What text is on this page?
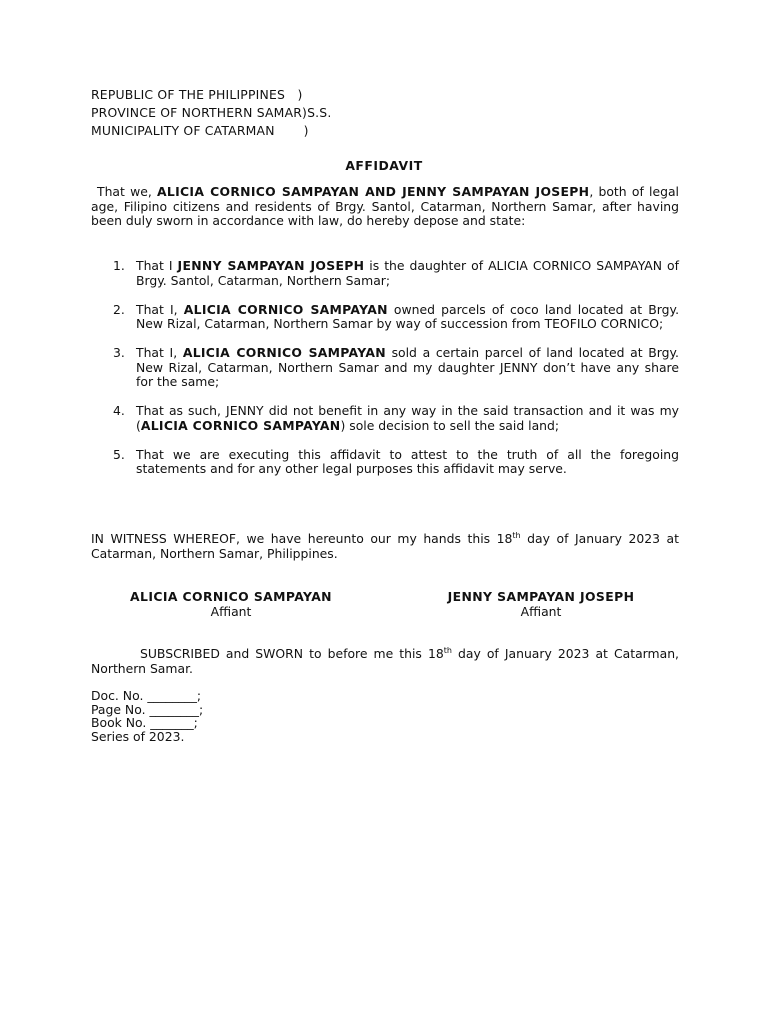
REPUBLIC OF THE PHILIPPINES   )
PROVINCE OF NORTHERN SAMAR)S.S.
MUNICIPALITY OF CATARMAN       )
AFFIDAVIT

That we, ALICIA CORNICO SAMPAYAN AND JENNY SAMPAYAN JOSEPH, both of legal age, Filipino citizens and residents of Brgy. Santol, Catarman, Northern Samar, after having been duly sworn in accordance with law, do hereby depose and state:

1. That I JENNY SAMPAYAN JOSEPH is the daughter of ALICIA CORNICO SAMPAYAN of Brgy. Santol, Catarman, Northern Samar;
2. That I, ALICIA CORNICO SAMPAYAN owned parcels of coco land located at Brgy. New Rizal, Catarman, Northern Samar by way of succession from TEOFILO CORNICO;
3. That I, ALICIA CORNICO SAMPAYAN sold a certain parcel of land located at Brgy. New Rizal, Catarman, Northern Samar and my daughter JENNY don’t have any share for the same;
4. That as such, JENNY did not benefit in any way in the said transaction and it was my (ALICIA CORNICO SAMPAYAN) sole decision to sell the said land;
5. That we are executing this affidavit to attest to the truth of all the foregoing statements and for any other legal purposes this affidavit may serve.

IN WITNESS WHEREOF, we have hereunto our my hands this 18th day of January 2023 at Catarman, Northern Samar, Philippines.

ALICIA CORNICO SAMPAYAN
Affiant
JENNY SAMPAYAN JOSEPH
Affiant

SUBSCRIBED and SWORN to before me this 18th day of January 2023 at Catarman, Northern Samar.

Doc. No. ________;
Page No. ________;
Book No. _______;
Series of 2023.
